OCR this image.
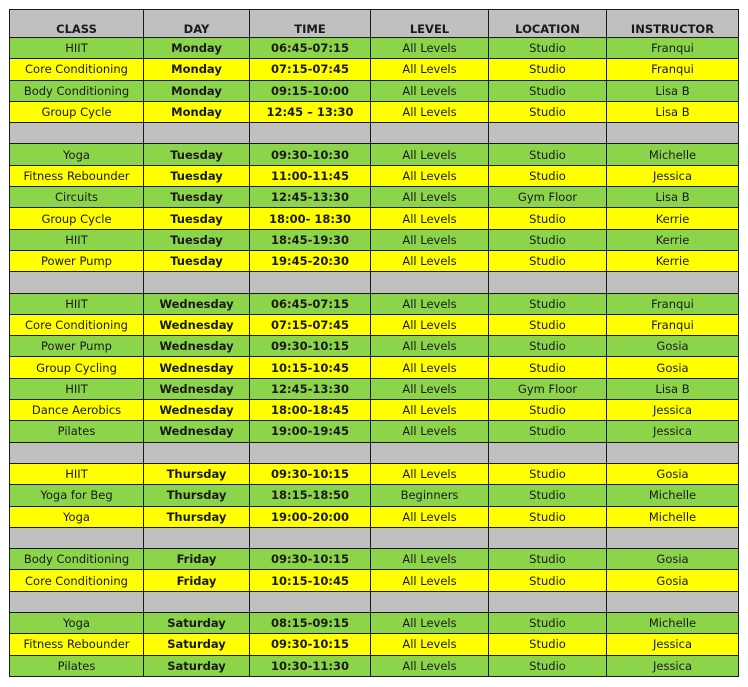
CLASS	DAY	TIME	LEVEL	LOCATION	INSTRUCTOR
HIIT	Monday	06:45-07:15	All Levels	Studio	Franqui
Core Conditioning	Monday	07:15-07:45	All Levels	Studio	Franqui
Body Conditioning	Monday	09:15-10:00	All Levels	Studio	Lisa B
Group Cycle	Monday	12:45 – 13:30	All Levels	Studio	Lisa B

Yoga	Tuesday	09:30-10:30	All Levels	Studio	Michelle
Fitness Rebounder	Tuesday	11:00-11:45	All Levels	Studio	Jessica
Circuits	Tuesday	12:45-13:30	All Levels	Gym Floor	Lisa B
Group Cycle	Tuesday	18:00- 18:30	All Levels	Studio	Kerrie
HIIT	Tuesday	18:45-19:30	All Levels	Studio	Kerrie
Power Pump	Tuesday	19:45-20:30	All Levels	Studio	Kerrie

HIIT	Wednesday	06:45-07:15	All Levels	Studio	Franqui
Core Conditioning	Wednesday	07:15-07:45	All Levels	Studio	Franqui
Power Pump	Wednesday	09:30-10:15	All Levels	Studio	Gosia
Group Cycling	Wednesday	10:15-10:45	All Levels	Studio	Gosia
HIIT	Wednesday	12:45-13:30	All Levels	Gym Floor	Lisa B
Dance Aerobics	Wednesday	18:00-18:45	All Levels	Studio	Jessica
Pilates	Wednesday	19:00-19:45	All Levels	Studio	Jessica

HIIT	Thursday	09:30-10:15	All Levels	Studio	Gosia
Yoga for Beg	Thursday	18:15-18:50	Beginners	Studio	Michelle
Yoga	Thursday	19:00-20:00	All Levels	Studio	Michelle

Body Conditioning	Friday	09:30-10:15	All Levels	Studio	Gosia
Core Conditioning	Friday	10:15-10:45	All Levels	Studio	Gosia

Yoga	Saturday	08:15-09:15	All Levels	Studio	Michelle
Fitness Rebounder	Saturday	09:30-10:15	All Levels	Studio	Jessica
Pilates	Saturday	10:30-11:30	All Levels	Studio	Jessica
